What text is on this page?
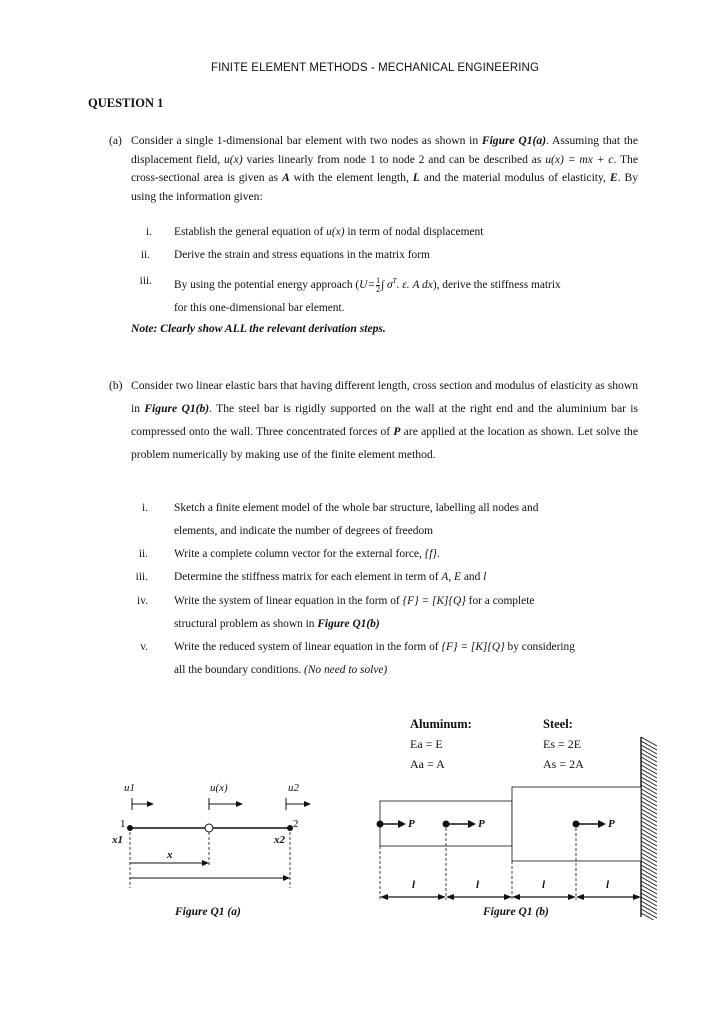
FINITE ELEMENT METHODS - MECHANICAL ENGINEERING
QUESTION 1
(a) Consider a single 1-dimensional bar element with two nodes as shown in Figure Q1(a). Assuming that the displacement field, u(x) varies linearly from node 1 to node 2 and can be described as u(x) = mx + c. The cross-sectional area is given as A with the element length, L and the material modulus of elasticity, E. By using the information given:
i. Establish the general equation of u(x) in term of nodal displacement
ii. Derive the strain and stress equations in the matrix form
iii. By using the potential energy approach ($U= \frac{1}{2}$ ∫ $\sigma^T$. ε. A dx), derive the stiffness matrix
for this one-dimensional bar element.
Note: Clearly show ALL the relevant derivation steps.
(b) Consider two linear elastic bars that having different length, cross section and modulus of elasticity as shown in Figure Q1(b). The steel bar is rigidly supported on the wall at the right end and the aluminium bar is compressed onto the wall. Three concentrated forces of P are applied at the location as shown. Let solve the problem numerically by making use of the finite element method.
i. Sketch a finite element model of the whole bar structure, labelling all nodes and
elements, and indicate the number of degrees of freedom
ii. Write a complete column vector for the external force, {f}.
iii. Determine the stiffness matrix for each element in term of A, E and l
iv. Write the system of linear equation in the form of {F} = [K]{Q} for a complete
structural problem as shown in Figure Q1(b)
v. Write the reduced system of linear equation in the form of {F} = [K]{Q} by considering
all the boundary conditions. (No need to solve)
u1	u(x)	u2
1	2
x1	x2
x
Figure Q1 (a)
Aluminum:
Ea = E
Aa = A
Steel:
Es = 2E
As = 2A
P	P	P
l	l	l	l
Figure Q1 (b)
